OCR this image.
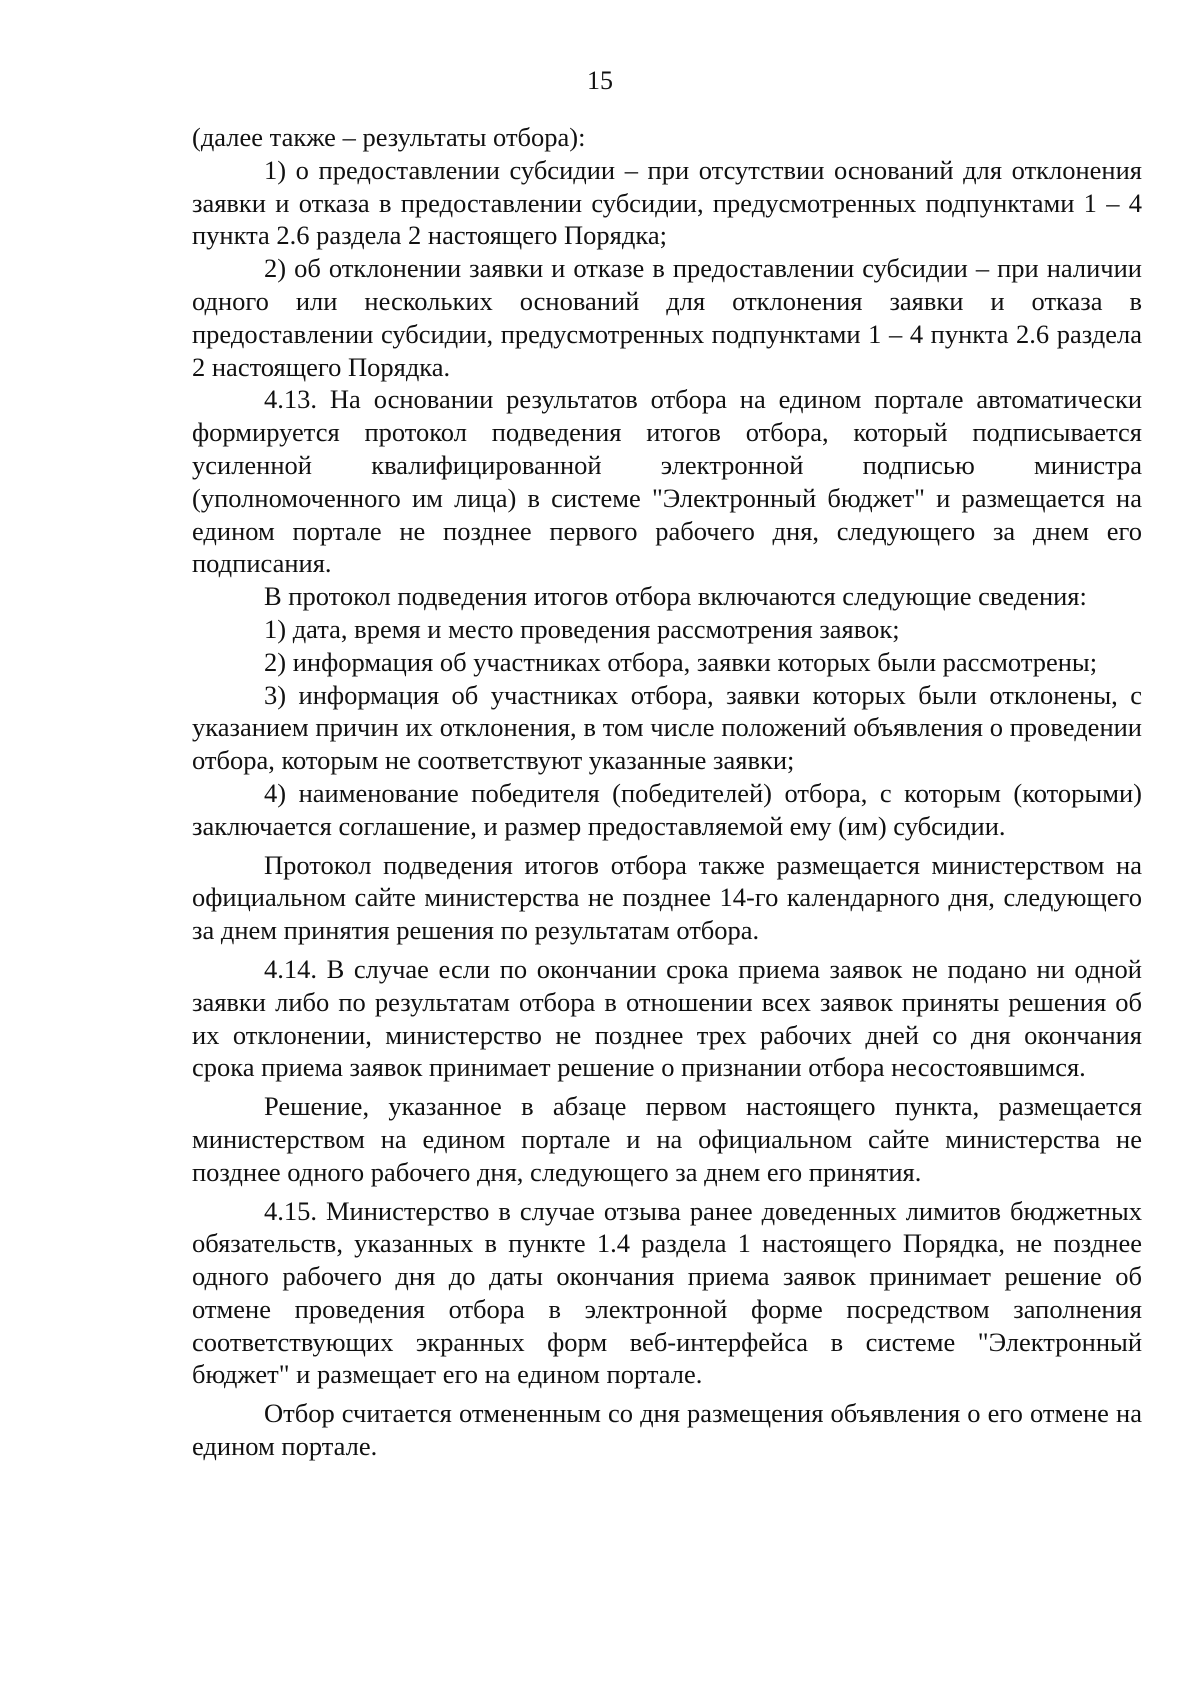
15

(далее также – результаты отбора):

1) о предоставлении субсидии – при отсутствии оснований для отклонения заявки и отказа в предоставлении субсидии, предусмотренных подпунктами 1 – 4 пункта 2.6 раздела 2 настоящего Порядка;

2) об отклонении заявки и отказе в предоставлении субсидии – при наличии одного или нескольких оснований для отклонения заявки и отказа в предоставлении субсидии, предусмотренных подпунктами 1 – 4 пункта 2.6 раздела 2 настоящего Порядка.

4.13. На основании результатов отбора на едином портале автоматически формируется протокол подведения итогов отбора, который подписывается усиленной квалифицированной электронной подписью министра (уполномоченного им лица) в системе "Электронный бюджет" и размещается на едином портале не позднее первого рабочего дня, следующего за днем его подписания.

В протокол подведения итогов отбора включаются следующие сведения:

1) дата, время и место проведения рассмотрения заявок;

2) информация об участниках отбора, заявки которых были рассмотрены;

3) информация об участниках отбора, заявки которых были отклонены, с указанием причин их отклонения, в том числе положений объявления о проведении отбора, которым не соответствуют указанные заявки;

4) наименование победителя (победителей) отбора, с которым (которыми) заключается соглашение, и размер предоставляемой ему (им) субсидии.

Протокол подведения итогов отбора также размещается министерством на официальном сайте министерства не позднее 14-го календарного дня, следующего за днем принятия решения по результатам отбора.

4.14. В случае если по окончании срока приема заявок не подано ни одной заявки либо по результатам отбора в отношении всех заявок приняты решения об их отклонении, министерство не позднее трех рабочих дней со дня окончания срока приема заявок принимает решение о признании отбора несостоявшимся.

Решение, указанное в абзаце первом настоящего пункта, размещается министерством на едином портале и на официальном сайте министерства не позднее одного рабочего дня, следующего за днем его принятия.

4.15. Министерство в случае отзыва ранее доведенных лимитов бюджетных обязательств, указанных в пункте 1.4 раздела 1 настоящего Порядка, не позднее одного рабочего дня до даты окончания приема заявок принимает решение об отмене проведения отбора в электронной форме посредством заполнения соответствующих экранных форм веб-интерфейса в системе "Электронный бюджет" и размещает его на едином портале.

Отбор считается отмененным со дня размещения объявления о его отмене на едином портале.
